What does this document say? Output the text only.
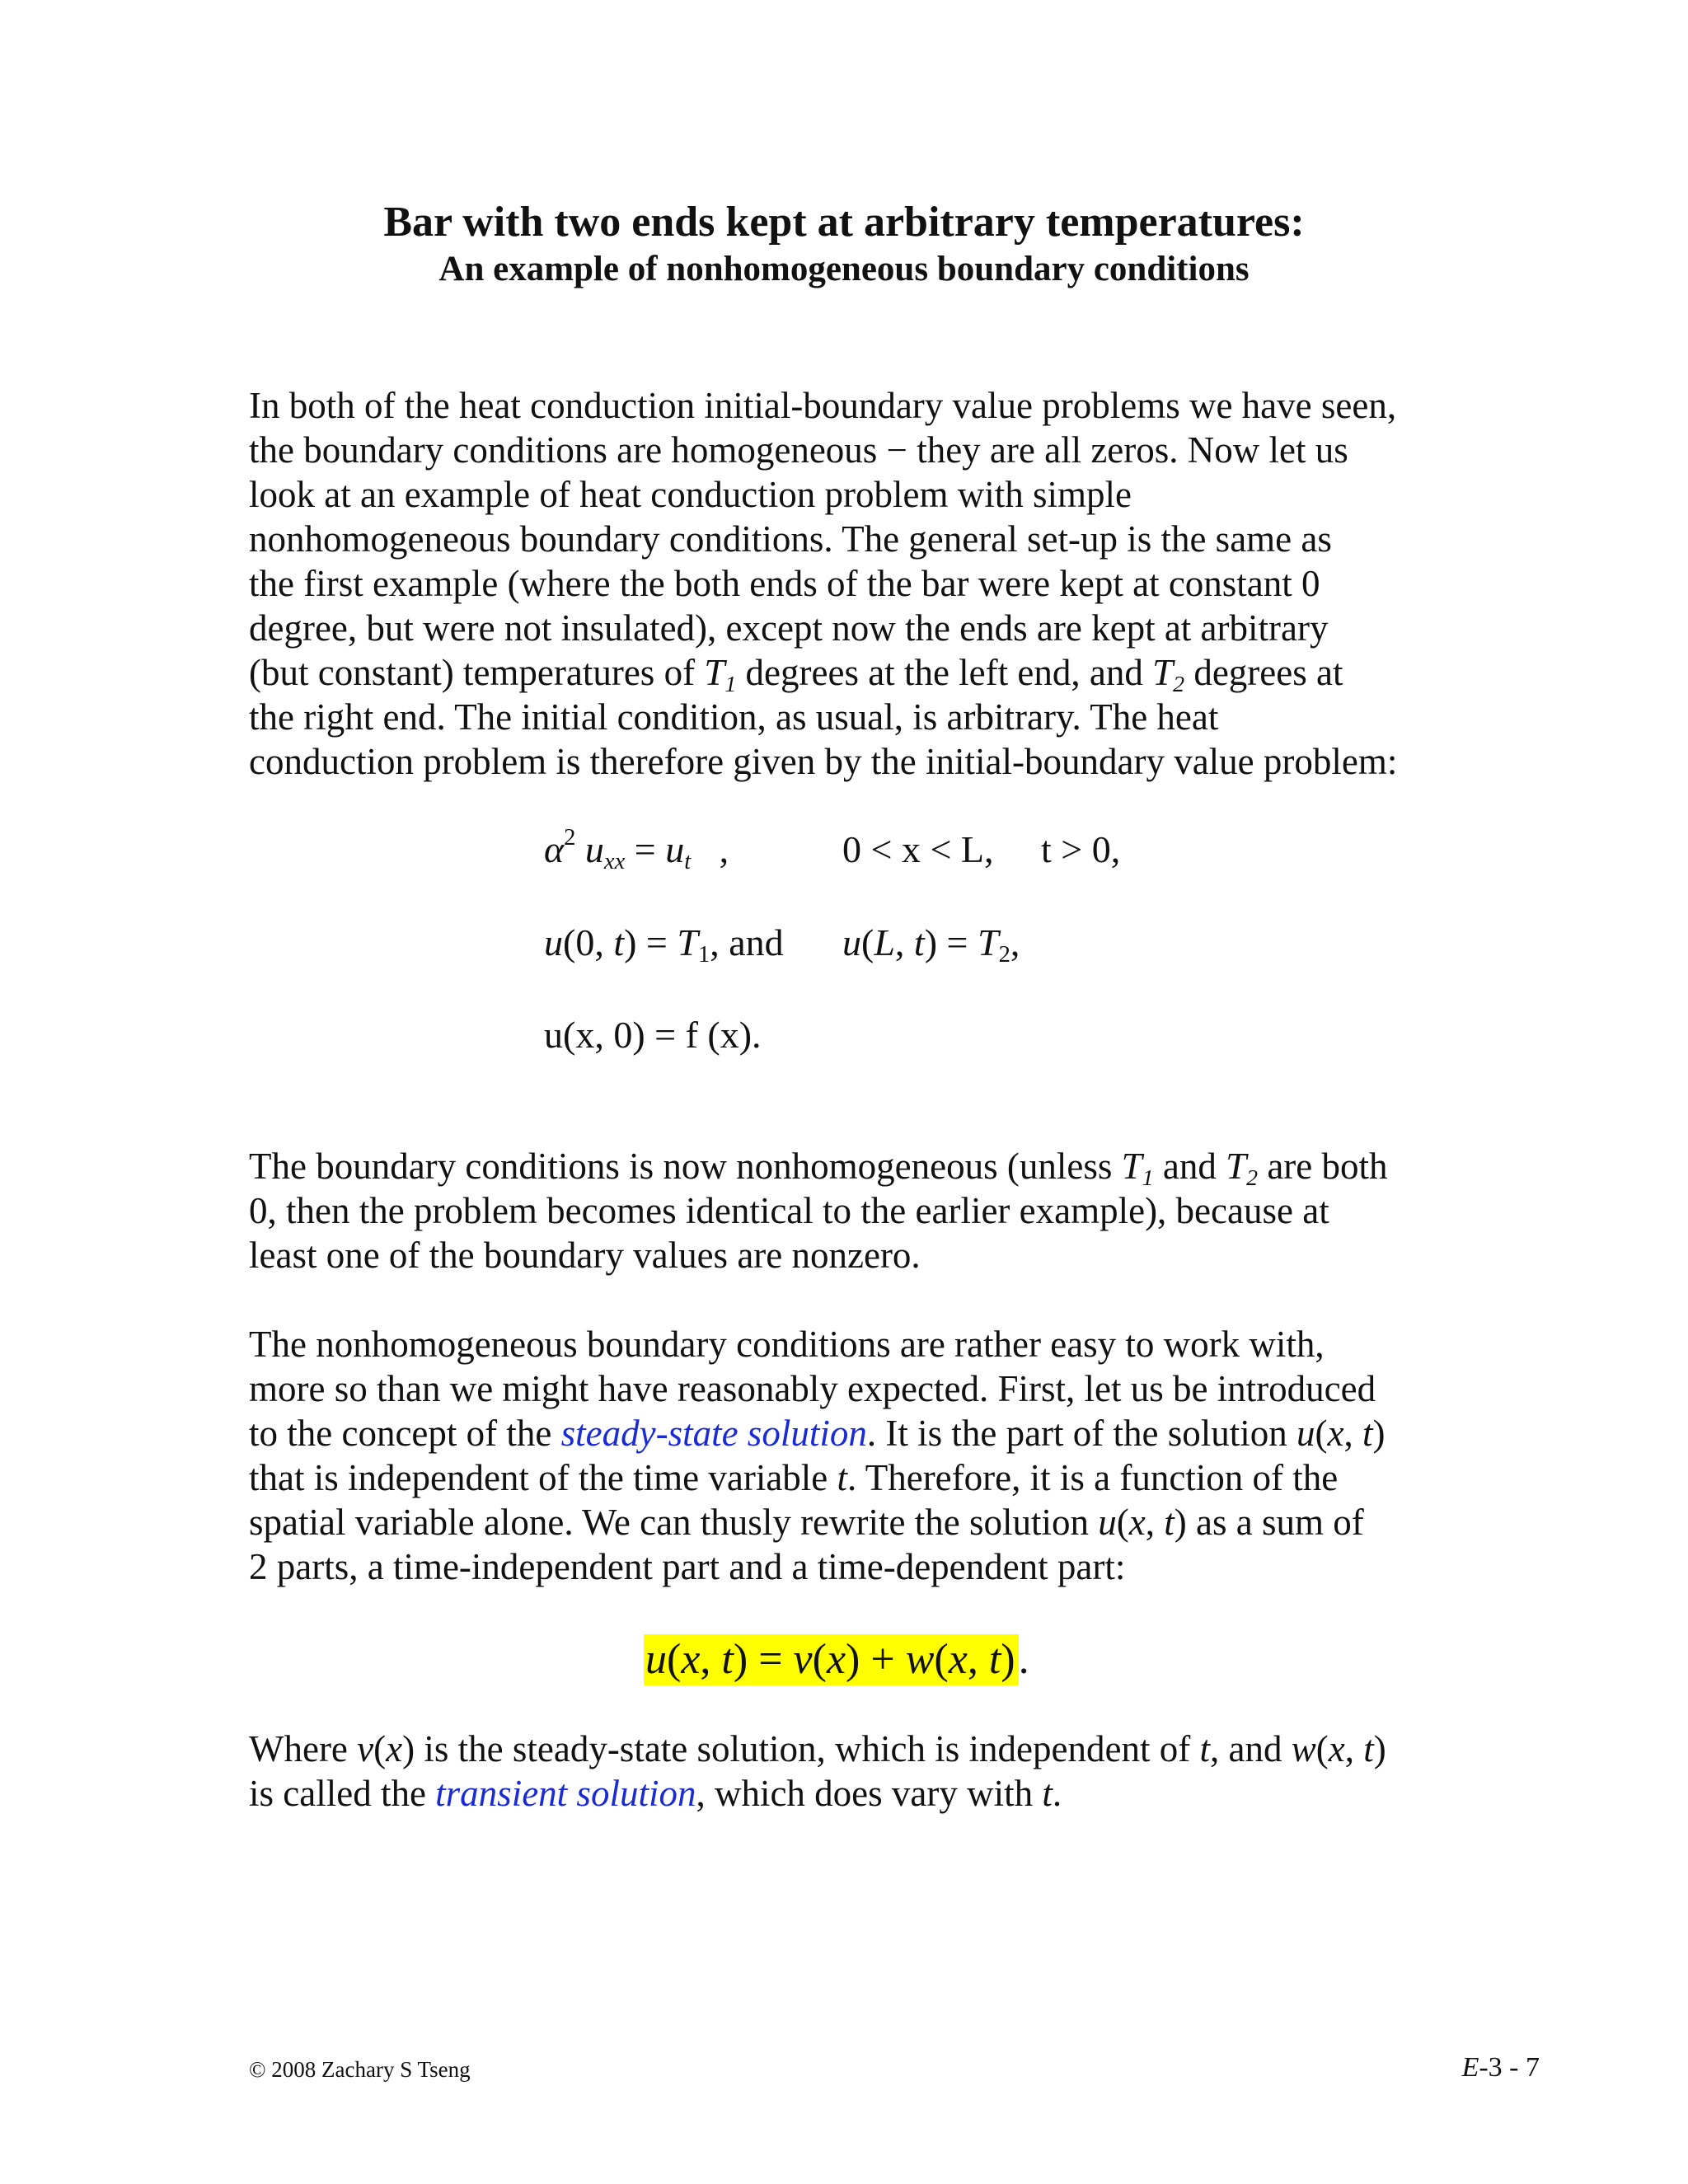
Bar with two ends kept at arbitrary temperatures:
An example of nonhomogeneous boundary conditions
In both of the heat conduction initial-boundary value problems we have seen,
the boundary conditions are homogeneous − they are all zeros. Now let us
look at an example of heat conduction problem with simple
nonhomogeneous boundary conditions. The general set-up is the same as
the first example (where the both ends of the bar were kept at constant 0
degree, but were not insulated), except now the ends are kept at arbitrary
(but constant) temperatures of $T_1$ degrees at the left end, and $T_2$ degrees at
the right end. The initial condition, as usual, is arbitrary. The heat
conduction problem is therefore given by the initial-boundary value problem:
$\alpha^2$ $u_{xx} = u_t$ ,	0 < x < L, t > 0,
u(0, $t) = T_1$, and u(L, $t) = T_2$,
u(x, 0) = f (x).
The boundary conditions is now nonhomogeneous (unless $T_1$ and $T_2$ are both
0, then the problem becomes identical to the earlier example), because at
least one of the boundary values are nonzero.
The nonhomogeneous boundary conditions are rather easy to work with,
more so than we might have reasonably expected. First, let us be introduced
to the concept of the steady-state solution. It is the part of the solution u(x, t)
that is independent of the time variable t. Therefore, it is a function of the
spatial variable alone. We can thusly rewrite the solution u(x, t) as a sum of
2 parts, a time-independent part and a time-dependent part:
u(x, t) = v(x) + w(x, t).
Where v(x) is the steady-state solution, which is independent of t, and w(x, t)
is called the transient solution, which does vary with t.
© 2008 Zachary S Tseng	E-3 - 7
